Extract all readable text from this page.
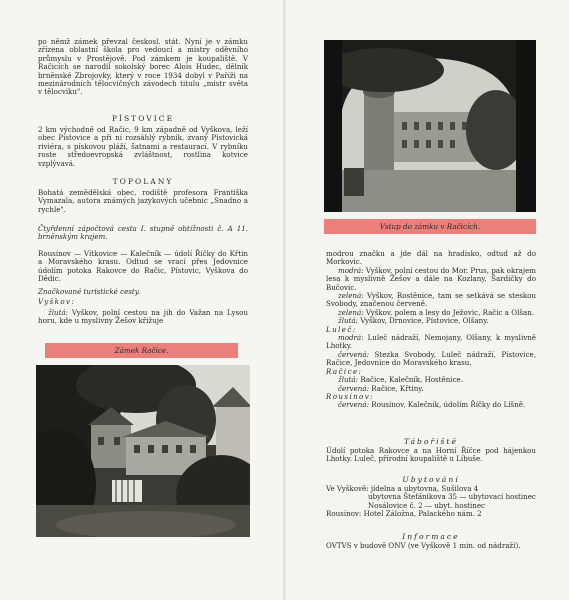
po němž zámek převzal českosl. stát. Nyní je v zámku zřízena oblastní škola pro vedoucí a mistry oděvního průmyslu v Prostějově. Pod zámkem je koupaliště. V Račicích se narodil sokolský borec Alois Hudec, dělník brněnské Zbrojovky, který v roce 1934 dobyl v Paříži na mezinárodních tělocvičných závodech titulu „mistr světa v tělocviku".

PÍSTOVICE
2 km východně od Račic, 9 km západně od Vyškova, leží obec Pístovice a při ní rozsáhlý rybník, zvaný Pístovická riviéra, s pískovou pláží, šatnami a restaurací. V rybníku roste středoevropská zvláštnost, rostlina kotvice vzplývavá.
TOPOLANY
Bohatá zemědělská obec, rodiště profesora Františka Vymazala, autora známých jazykových učebnic „Snadno a rychle".
Čtyřdenní zápočtová cesta I. stupně obtížnosti č. A 11. brněnským krajem.
Rousínov — Vítkovice — Kalečník — údolí Říčky do Křtin a Moravského krasu. Odtud se vrací přes Jedovnice údolím potoka Rakovce do Račic, Pístovic, Vyškova do Dědic.
Značkované turistické cesty.
Vyškov:
žlutá: Vyškov, polní cestou na jih do Važan na Lysou horu, kde u myslivny Žešov křižuje
Zámek Račice.
Vstup do zámku v Račicích.

modrou značku a jde dál na hradisko, odtud až do Morkovic.

modrá: Vyškov, polní cestou do Mor. Prus, pak okrajem lesa k myslivně Žešov a dále na Kozlany, Šardičky do Bučovic.

zelená: Vyškov, Rostěnice, tam se setkává se steskou Svobody, značenou červeně.

zelená: Vyškov, polem a lesy do Ježovic, Račic a Olšan.

žlutá: Vyškov, Drnovice, Pístovice, Olšany.

Luleč:

modrá: Luleč nádraží, Nemojany, Olšany, k myslivně Lhotky.

červená: Stezka Svobody, Luleč nádraží, Pístovice, Račice, Jedovnice do Moravského krasu.

Račice:

žlutá: Račice, Kalečník, Hostěnice.

červená: Račice, Křtiny.

Rousínov:

červená: Rousínov, Kalečník, údolím Říčky do Líšně.

Tábořiště
Údolí potoka Rakovce a na Horní Říčce pod hájenkou Lhotky. Luleč, přírodní koupaliště u Líbuše.
Ubytování

Ve Vyškově: jídelna a ubytovna, Sušilova 4

ubytovna Štefánikova 35 — ubytovací hostinec

Nosálovice č. 2 — ubyt. hostinec

Rousínov: Hotel Záložna, Palackého nám. 2

Informace
OVTVS v budově ONV (ve Vyškově 1 min. od nádraží).
